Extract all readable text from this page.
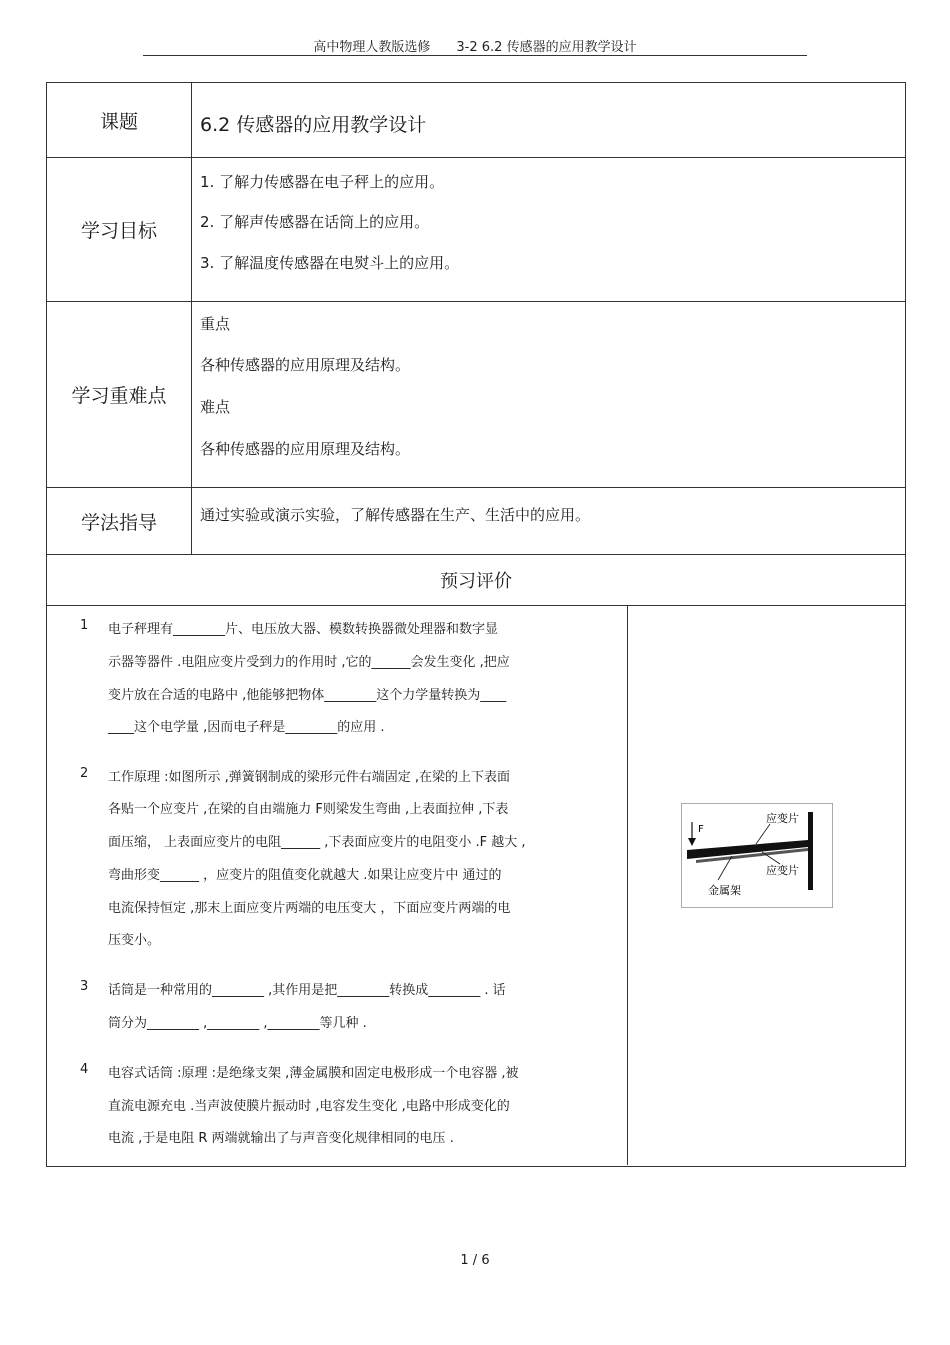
高中物理人教版选修 3-2 6.2 传感器的应用教学设计
课题	6.2 传感器的应用教学设计
学习目标
1. 了解力传感器在电子秤上的应用。
2. 了解声传感器在话筒上的应用。
3. 了解温度传感器在电熨斗上的应用。
学习重难点
重点
各种传感器的应用原理及结构。
难点
各种传感器的应用原理及结构。
学法指导	通过实验或演示实验，了解传感器在生产、生活中的应用。
预习评价
1 电子秤理有________片、电压放大器、模数转换器微处理器和数字显
示器等器件 .电阻应变片受到力的作用时 ,它的______会发生变化 ,把应
变片放在合适的电路中 ,他能够把物体________这个力学量转换为____
____这个电学量 ,因而电子秤是________的应用 .
2 工作原理 :如图所示 ,弹簧钢制成的梁形元件右端固定 ,在梁的上下表面
各贴一个应变片 ,在梁的自由端施力 F则梁发生弯曲 ,上表面拉伸 ,下表
面压缩， 上表面应变片的电阻______ ,下表面应变片的电阻变小 .F 越大 ,
弯曲形变______ ，应变片的阻值变化就越大 .如果让应变片中 通过的
电流保持恒定 ,那末上面应变片两端的电压变大 ，下面应变片两端的电
压变小。
3 话筒是一种常用的________ ,其作用是把________转换成________ . 话
筒分为________ ,________ ,________等几种 .
4 电容式话筒 :原理 :是绝缘支架 ,薄金属膜和固定电极形成一个电容器 ,被
直流电源充电 .当声波使膜片振动时 ,电容发生变化 ,电路中形成变化的
电流 ,于是电阻 R 两端就输出了与声音变化规律相同的电压 .
F
应变片
应变片
金属架
1 / 6
